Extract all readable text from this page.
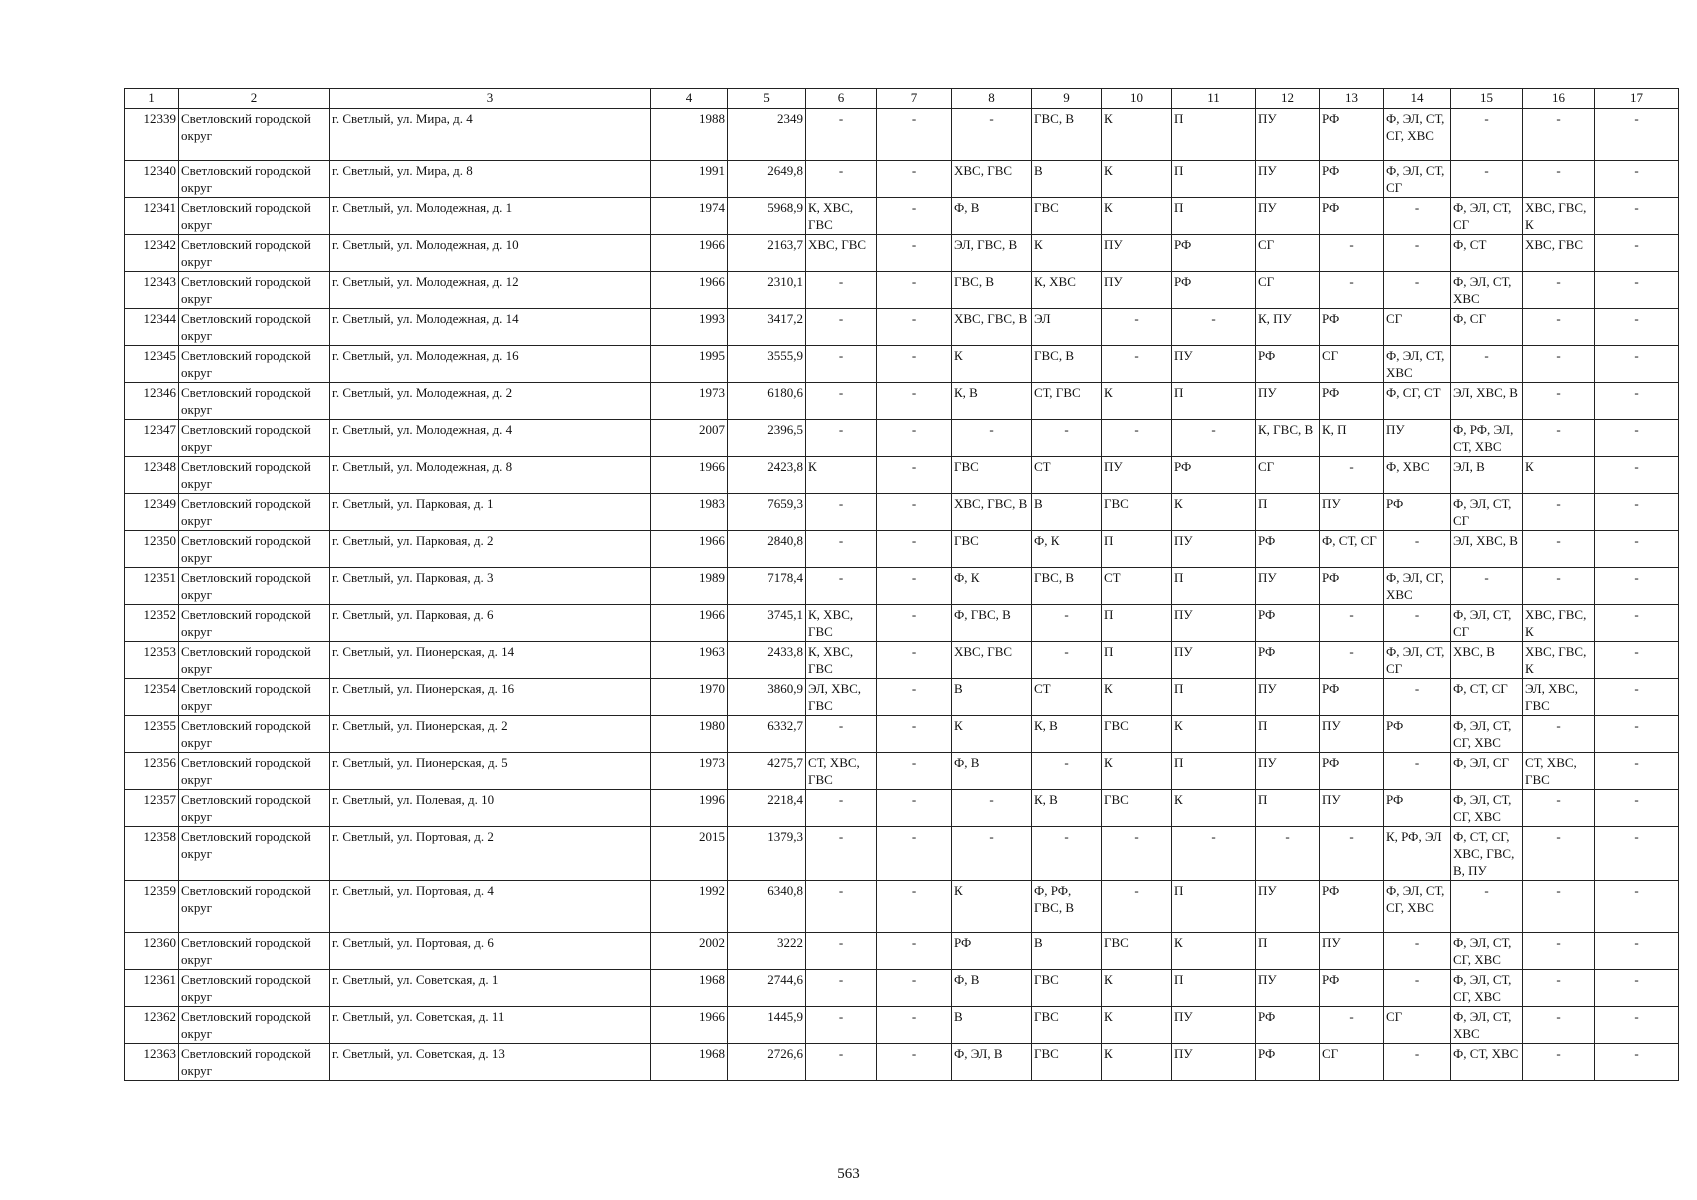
1	2	3	4	5	6	7	8	9	10	11	12	13	14	15	16	17
12339	Светловский городской округ	г. Светлый, ул. Мира, д. 4	1988	2349	-	-	-	ГВС, В	К	П	ПУ	РФ	Ф, ЭЛ, СТ, СГ, ХВС	-	-	-
12340	Светловский городской округ	г. Светлый, ул. Мира, д. 8	1991	2649,8	-	-	ХВС, ГВС	В	К	П	ПУ	РФ	Ф, ЭЛ, СТ, СГ	-	-	-
12341	Светловский городской округ	г. Светлый, ул. Молодежная, д. 1	1974	5968,9	К, ХВС, ГВС	-	Ф, В	ГВС	К	П	ПУ	РФ	-	Ф, ЭЛ, СТ, СГ	ХВС, ГВС, К	-
12342	Светловский городской округ	г. Светлый, ул. Молодежная, д. 10	1966	2163,7	ХВС, ГВС	-	ЭЛ, ГВС, В	К	ПУ	РФ	СГ	-	-	Ф, СТ	ХВС, ГВС	-
12343	Светловский городской округ	г. Светлый, ул. Молодежная, д. 12	1966	2310,1	-	-	ГВС, В	К, ХВС	ПУ	РФ	СГ	-	-	Ф, ЭЛ, СТ, ХВС	-	-
12344	Светловский городской округ	г. Светлый, ул. Молодежная, д. 14	1993	3417,2	-	-	ХВС, ГВС, В	ЭЛ	-	-	К, ПУ	РФ	СГ	Ф, СГ	-	-
12345	Светловский городской округ	г. Светлый, ул. Молодежная, д. 16	1995	3555,9	-	-	К	ГВС, В	-	ПУ	РФ	СГ	Ф, ЭЛ, СТ, ХВС	-	-	-
12346	Светловский городской округ	г. Светлый, ул. Молодежная, д. 2	1973	6180,6	-	-	К, В	СТ, ГВС	К	П	ПУ	РФ	Ф, СГ, СТ	ЭЛ, ХВС, В	-	-
12347	Светловский городской округ	г. Светлый, ул. Молодежная, д. 4	2007	2396,5	-	-	-	-	-	-	К, ГВС, В	К, П	ПУ	Ф, РФ, ЭЛ, СТ, ХВС	-	-
12348	Светловский городской округ	г. Светлый, ул. Молодежная, д. 8	1966	2423,8	К	-	ГВС	СТ	ПУ	РФ	СГ	-	Ф, ХВС	ЭЛ, В	К	-
12349	Светловский городской округ	г. Светлый, ул. Парковая, д. 1	1983	7659,3	-	-	ХВС, ГВС, В	В	ГВС	К	П	ПУ	РФ	Ф, ЭЛ, СТ, СГ	-	-
12350	Светловский городской округ	г. Светлый, ул. Парковая, д. 2	1966	2840,8	-	-	ГВС	Ф, К	П	ПУ	РФ	Ф, СТ, СГ	-	ЭЛ, ХВС, В	-	-
12351	Светловский городской округ	г. Светлый, ул. Парковая, д. 3	1989	7178,4	-	-	Ф, К	ГВС, В	СТ	П	ПУ	РФ	Ф, ЭЛ, СГ, ХВС	-	-	-
12352	Светловский городской округ	г. Светлый, ул. Парковая, д. 6	1966	3745,1	К, ХВС, ГВС	-	Ф, ГВС, В	-	П	ПУ	РФ	-	-	Ф, ЭЛ, СТ, СГ	ХВС, ГВС, К	-
12353	Светловский городской округ	г. Светлый, ул. Пионерская, д. 14	1963	2433,8	К, ХВС, ГВС	-	ХВС, ГВС	-	П	ПУ	РФ	-	Ф, ЭЛ, СТ, СГ	ХВС, В	ХВС, ГВС, К	-
12354	Светловский городской округ	г. Светлый, ул. Пионерская, д. 16	1970	3860,9	ЭЛ, ХВС, ГВС	-	В	СТ	К	П	ПУ	РФ	-	Ф, СТ, СГ	ЭЛ, ХВС, ГВС	-
12355	Светловский городской округ	г. Светлый, ул. Пионерская, д. 2	1980	6332,7	-	-	К	К, В	ГВС	К	П	ПУ	РФ	Ф, ЭЛ, СТ, СГ, ХВС	-	-
12356	Светловский городской округ	г. Светлый, ул. Пионерская, д. 5	1973	4275,7	СТ, ХВС, ГВС	-	Ф, В	-	К	П	ПУ	РФ	-	Ф, ЭЛ, СГ	СТ, ХВС, ГВС	-
12357	Светловский городской округ	г. Светлый, ул. Полевая, д. 10	1996	2218,4	-	-	-	К, В	ГВС	К	П	ПУ	РФ	Ф, ЭЛ, СТ, СГ, ХВС	-	-
12358	Светловский городской округ	г. Светлый, ул. Портовая, д. 2	2015	1379,3	-	-	-	-	-	-	-	-	К, РФ, ЭЛ	Ф, СТ, СГ, ХВС, ГВС, В, ПУ	-	-
12359	Светловский городской округ	г. Светлый, ул. Портовая, д. 4	1992	6340,8	-	-	К	Ф, РФ, ГВС, В	-	П	ПУ	РФ	Ф, ЭЛ, СТ, СГ, ХВС	-	-	-
12360	Светловский городской округ	г. Светлый, ул. Портовая, д. 6	2002	3222	-	-	РФ	В	ГВС	К	П	ПУ	-	Ф, ЭЛ, СТ, СГ, ХВС	-	-
12361	Светловский городской округ	г. Светлый, ул. Советская, д. 1	1968	2744,6	-	-	Ф, В	ГВС	К	П	ПУ	РФ	-	Ф, ЭЛ, СТ, СГ, ХВС	-	-
12362	Светловский городской округ	г. Светлый, ул. Советская, д. 11	1966	1445,9	-	-	В	ГВС	К	ПУ	РФ	-	СГ	Ф, ЭЛ, СТ, ХВС	-	-
12363	Светловский городской округ	г. Светлый, ул. Советская, д. 13	1968	2726,6	-	-	Ф, ЭЛ, В	ГВС	К	ПУ	РФ	СГ	-	Ф, СТ, ХВС	-	-
563
